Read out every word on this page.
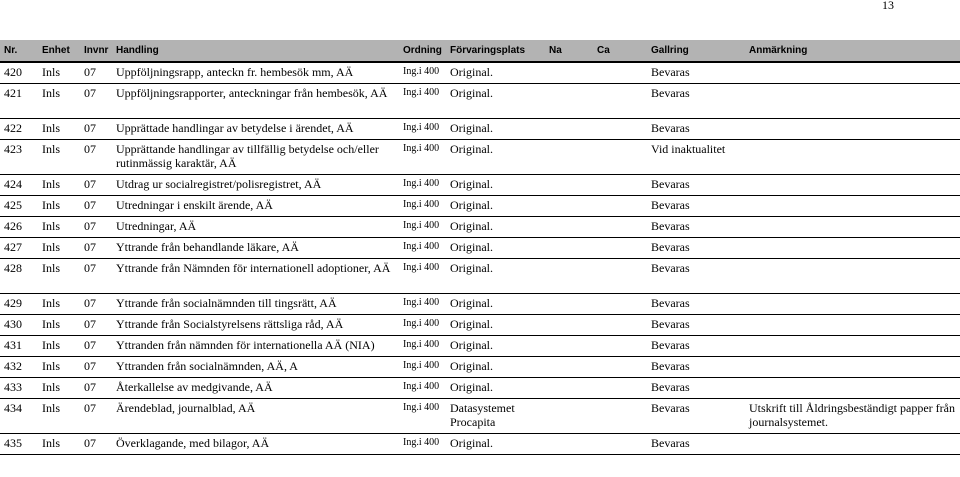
13
Nr.	Enhet	Invnr	Handling	Ordning	Förvaringsplats	Na	Ca	Gallring	Anmärkning
420	Inls	07	Uppföljningsrapp, anteckn fr. hembesök mm, AÄ	Ing.i 400	Original.			Bevaras	
421	Inls	07	Uppföljningsrapporter, anteckningar från hembesök, AÄ	Ing.i 400	Original.			Bevaras	
422	Inls	07	Upprättade handlingar av betydelse i ärendet, AÄ	Ing.i 400	Original.			Bevaras	
423	Inls	07	Upprättande handlingar av tillfällig betydelse och/eller rutinmässig karaktär, AÄ	Ing.i 400	Original.			Vid inaktualitet	
424	Inls	07	Utdrag ur socialregistret/polisregistret, AÄ	Ing.i 400	Original.			Bevaras	
425	Inls	07	Utredningar i enskilt ärende, AÄ	Ing.i 400	Original.			Bevaras	
426	Inls	07	Utredningar, AÄ	Ing.i 400	Original.			Bevaras	
427	Inls	07	Yttrande från behandlande läkare, AÄ	Ing.i 400	Original.			Bevaras	
428	Inls	07	Yttrande från Nämnden för internationell adoptioner, AÄ	Ing.i 400	Original.			Bevaras	
429	Inls	07	Yttrande från socialnämnden till tingsrätt, AÄ	Ing.i 400	Original.			Bevaras	
430	Inls	07	Yttrande från Socialstyrelsens rättsliga råd, AÄ	Ing.i 400	Original.			Bevaras	
431	Inls	07	Yttranden från nämnden för internationella AÄ (NIA)	Ing.i 400	Original.			Bevaras	
432	Inls	07	Yttranden från socialnämnden, AÄ, A	Ing.i 400	Original.			Bevaras	
433	Inls	07	Återkallelse av medgivande, AÄ	Ing.i 400	Original.			Bevaras	
434	Inls	07	Ärendeblad, journalblad, AÄ	Ing.i 400	Datasystemet Procapita			Bevaras	Utskrift till Åldringsbeständigt papper från journalsystemet.
435	Inls	07	Överklagande, med bilagor, AÄ	Ing.i 400	Original.			Bevaras	
